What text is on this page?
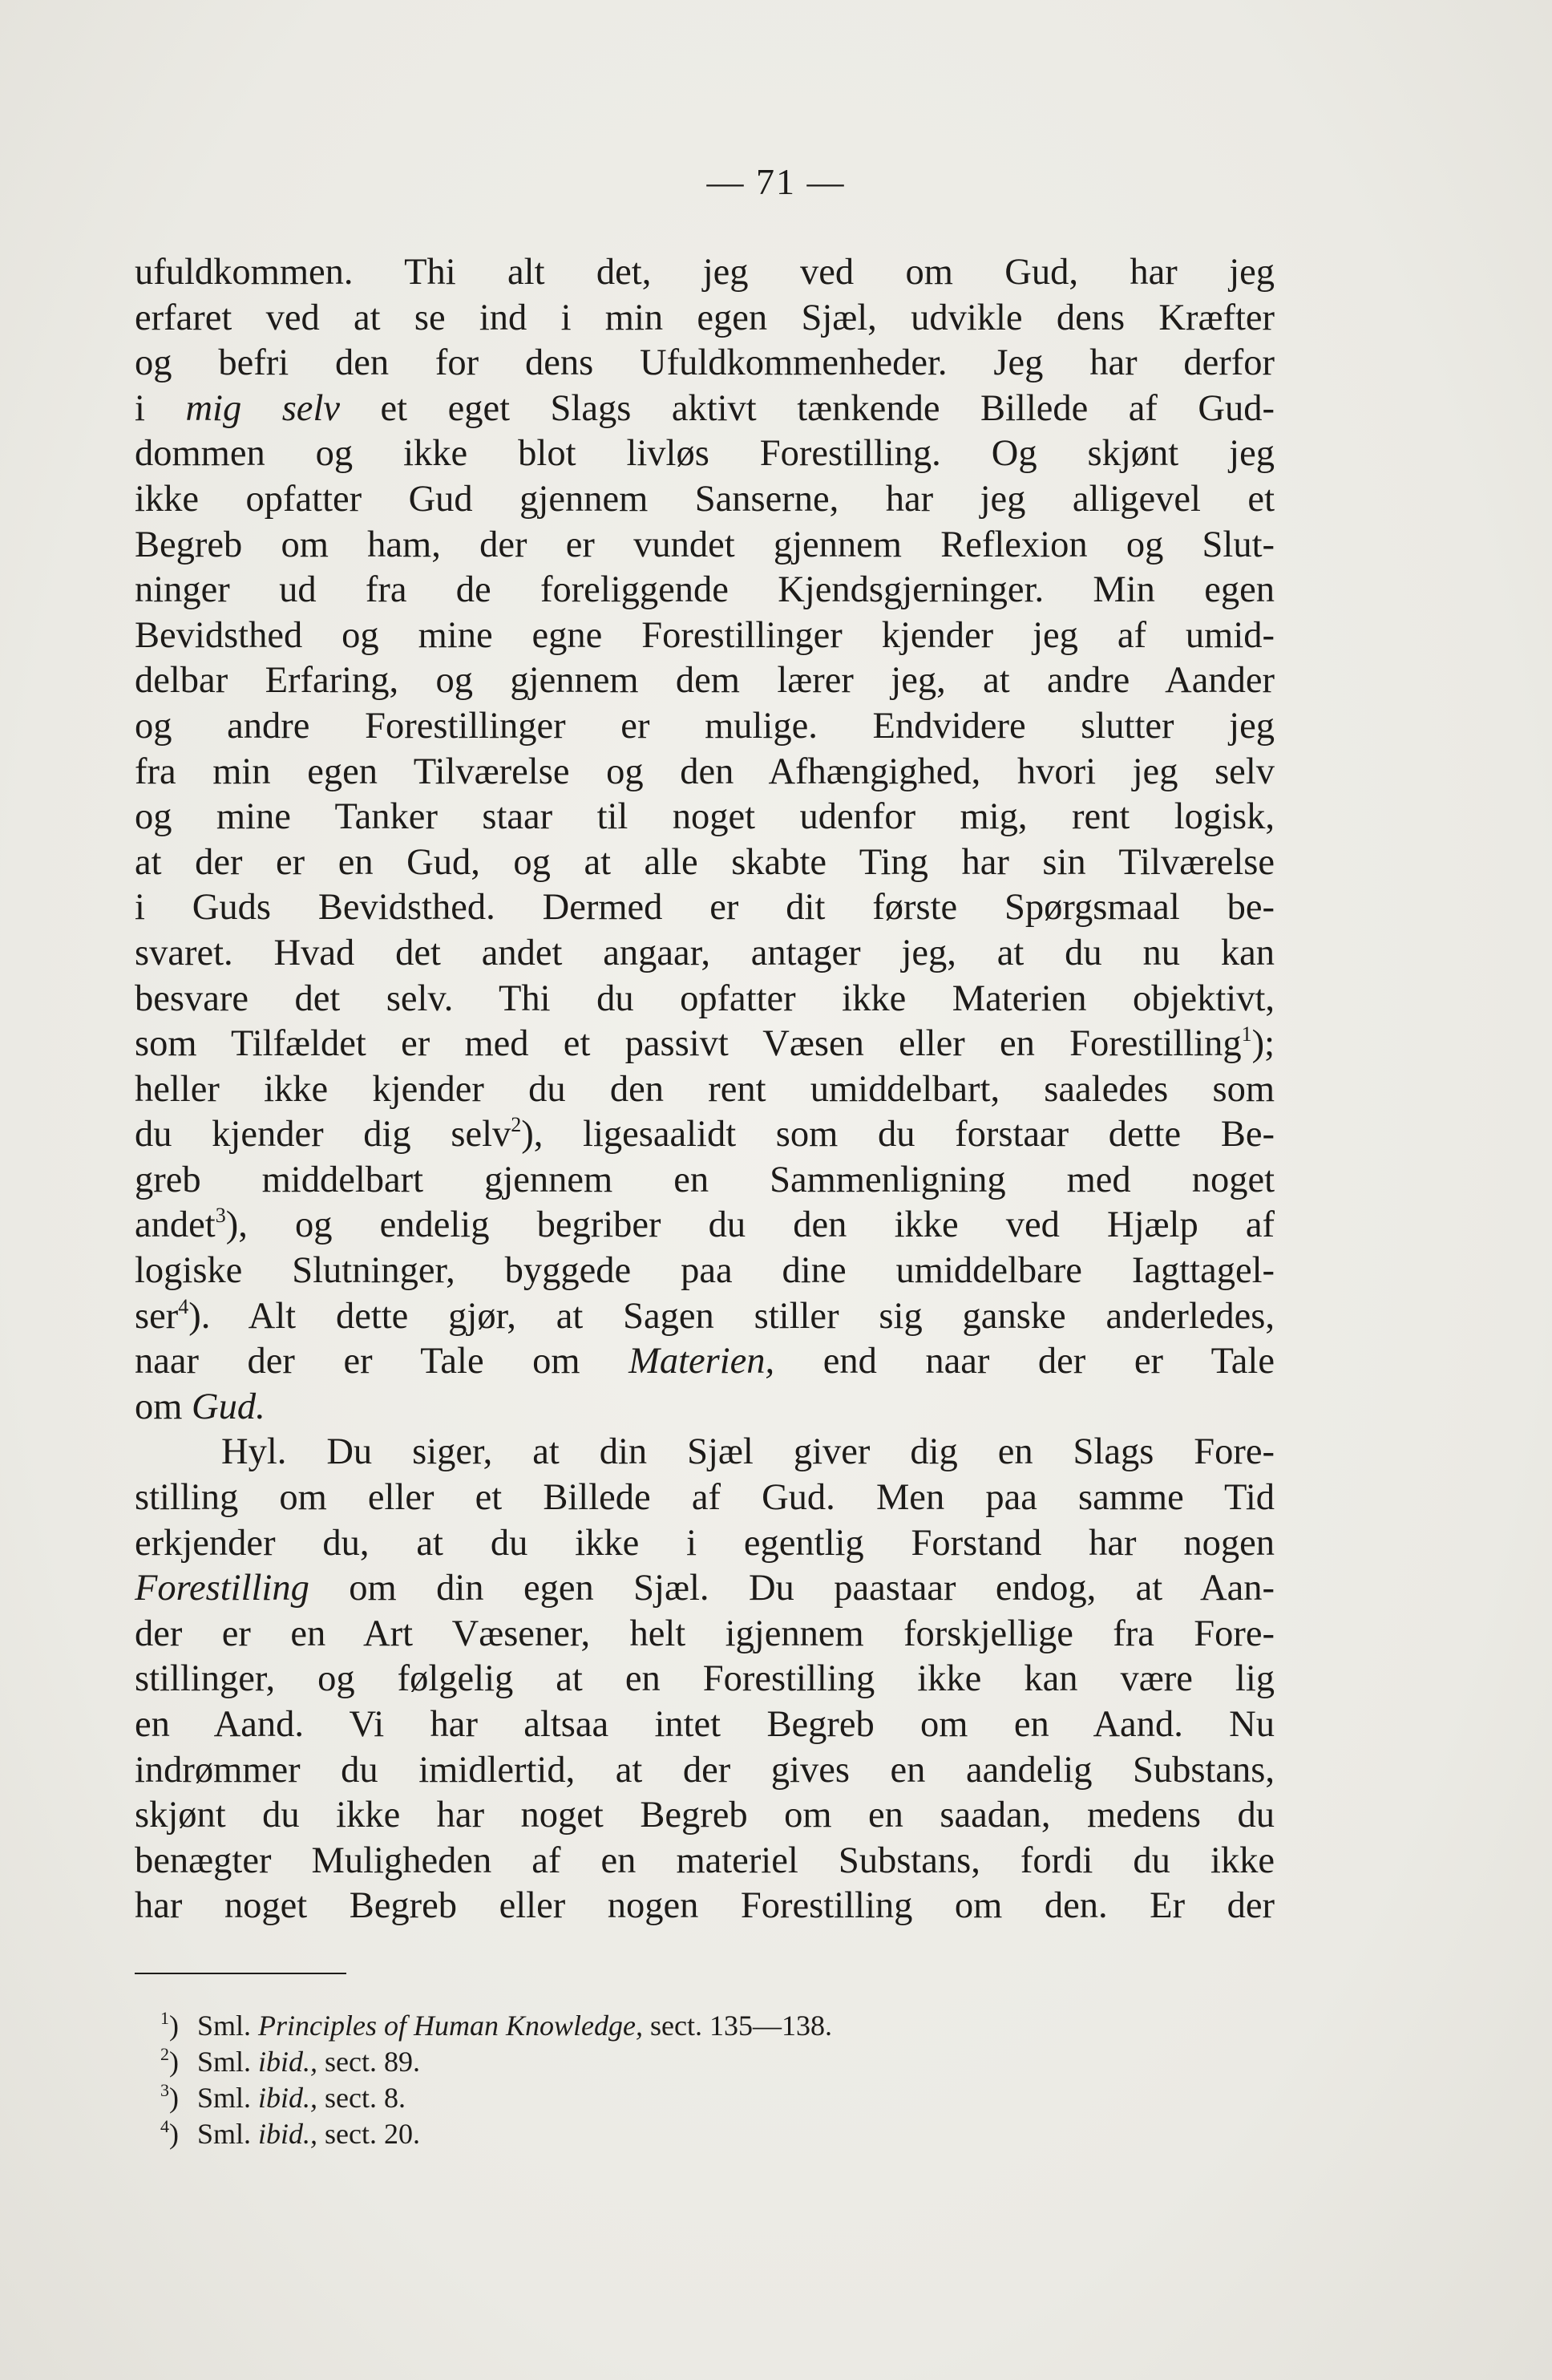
— 71 —
ufuldkommen. Thi alt det, jeg ved om Gud, har jeg
erfaret ved at se ind i min egen Sjæl, udvikle dens Kræfter
og befri den for dens Ufuldkommenheder. Jeg har derfor
i mig selv et eget Slags aktivt tænkende Billede af Gud-
dommen og ikke blot livløs Forestilling. Og skjønt jeg
ikke opfatter Gud gjennem Sanserne, har jeg alligevel et
Begreb om ham, der er vundet gjennem Reflexion og Slut-
ninger ud fra de foreliggende Kjendsgjerninger. Min egen
Bevidsthed og mine egne Forestillinger kjender jeg af umid-
delbar Erfaring, og gjennem dem lærer jeg, at andre Aander
og andre Forestillinger er mulige. Endvidere slutter jeg
fra min egen Tilværelse og den Afhængighed, hvori jeg selv
og mine Tanker staar til noget udenfor mig, rent logisk,
at der er en Gud, og at alle skabte Ting har sin Tilværelse
i Guds Bevidsthed. Dermed er dit første Spørgsmaal be-
svaret. Hvad det andet angaar, antager jeg, at du nu kan
besvare det selv. Thi du opfatter ikke Materien objektivt,
som Tilfældet er med et passivt Væsen eller en Forestilling$^1$);
heller ikke kjender du den rent umiddelbart, saaledes som
du kjender dig selv$^2$), ligesaalidt som du forstaar dette Be-
greb middelbart gjennem en Sammenligning med noget
andet$^3$), og endelig begriber du den ikke ved Hjælp af
logiske Slutninger, byggede paa dine umiddelbare Iagttagel-
ser$^4$). Alt dette gjør, at Sagen stiller sig ganske anderledes,
naar der er Tale om Materien, end naar der er Tale
om Gud.
Hyl. Du siger, at din Sjæl giver dig en Slags Fore-
stilling om eller et Billede af Gud. Men paa samme Tid
erkjender du, at du ikke i egentlig Forstand har nogen
Forestilling om din egen Sjæl. Du paastaar endog, at Aan-
der er en Art Væsener, helt igjennem forskjellige fra Fore-
stillinger, og følgelig at en Forestilling ikke kan være lig
en Aand. Vi har altsaa intet Begreb om en Aand. Nu
indrømmer du imidlertid, at der gives en aandelig Substans,
skjønt du ikke har noget Begreb om en saadan, medens du
benægter Muligheden af en materiel Substans, fordi du ikke
har noget Begreb eller nogen Forestilling om den. Er der
$^1$) Sml. Principles of Human Knowledge, sect. 135—138.
$^2$) Sml. ibid., sect. 89.
$^3$) Sml. ibid., sect. 8.
$^4$) Sml. ibid., sect. 20.
